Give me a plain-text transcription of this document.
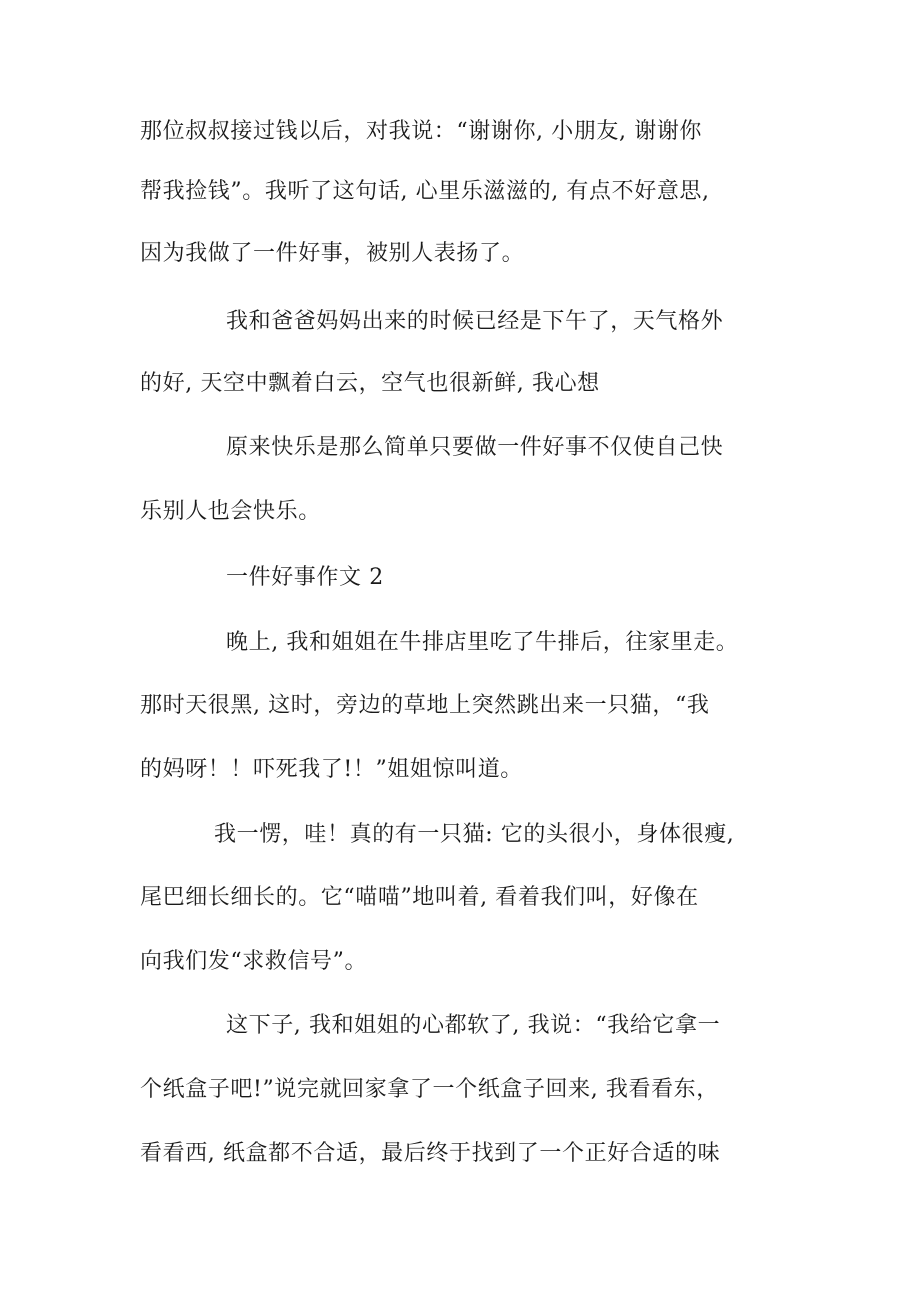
那位叔叔接过钱以后，对我说：“谢谢你, 小朋友, 谢谢你
帮我捡钱”。我听了这句话, 心里乐滋滋的, 有点不好意思,
因为我做了一件好事，被别人表扬了。
我和爸爸妈妈出来的时候已经是下午了，天气格外
的好, 天空中飘着白云，空气也很新鲜, 我心想
原来快乐是那么简单只要做一件好事不仅使自己快
乐别人也会快乐。
一件好事作文 2
晚上, 我和姐姐在牛排店里吃了牛排后，往家里走。
那时天很黑, 这时，旁边的草地上突然跳出来一只猫，“我
的妈呀！！吓死我了!！”姐姐惊叫道。
我一愣，哇！真的有一只猫: 它的头很小，身体很瘦,
尾巴细长细长的。它“喵喵”地叫着, 看着我们叫，好像在
向我们发“求救信号”。
这下子, 我和姐姐的心都软了, 我说：“我给它拿一
个纸盒子吧!”说完就回家拿了一个纸盒子回来, 我看看东，
看看西, 纸盒都不合适，最后终于找到了一个正好合适的味
